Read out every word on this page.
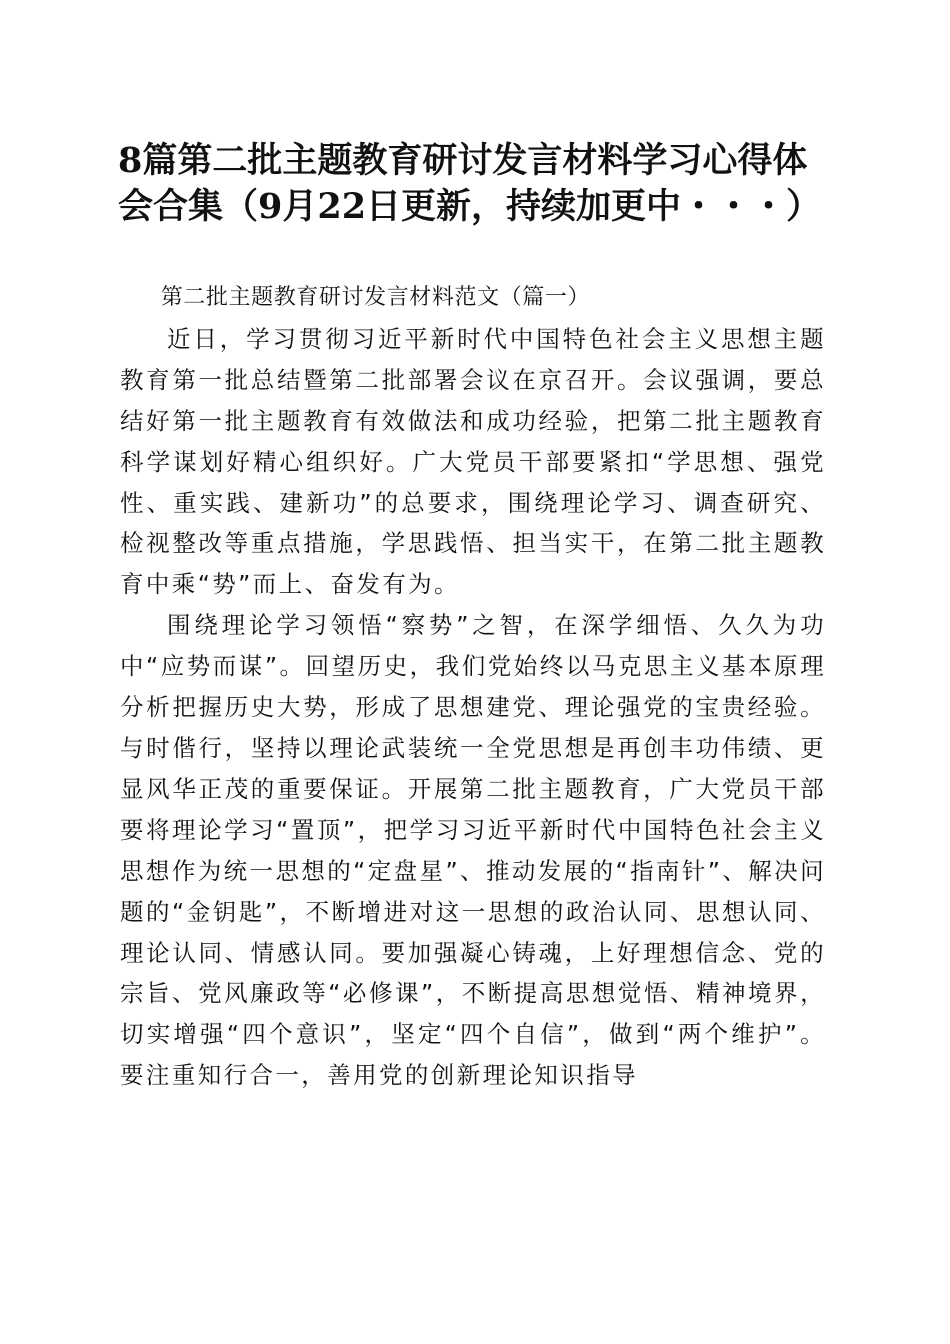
8篇第二批主题教育研讨发言材料学习心得体
会合集（9月22日更新，持续加更中・・・）

第二批主题教育研讨发言材料范文（篇一）

近日，学习贯彻习近平新时代中国特色社会主义思想主题教育第一批总结暨第二批部署会议在京召开。会议强调，要总结好第一批主题教育有效做法和成功经验，把第二批主题教育科学谋划好精心组织好。广大党员干部要紧扣“学思想、强党性、重实践、建新功”的总要求，围绕理论学习、调查研究、检视整改等重点措施，学思践悟、担当实干，在第二批主题教育中乘“势”而上、奋发有为。

围绕理论学习领悟“察势”之智，在深学细悟、久久为功中“应势而谋”。回望历史，我们党始终以马克思主义基本原理分析把握历史大势，形成了思想建党、理论强党的宝贵经验。与时偕行，坚持以理论武装统一全党思想是再创丰功伟绩、更显风华正茂的重要保证。开展第二批主题教育，广大党员干部要将理论学习“置顶”，把学习习近平新时代中国特色社会主义思想作为统一思想的“定盘星”、推动发展的“指南针”、解决问题的“金钥匙”，不断增进对这一思想的政治认同、思想认同、理论认同、情感认同。要加强凝心铸魂，上好理想信念、党的宗旨、党风廉政等“必修课”，不断提高思想觉悟、精神境界，切实增强“四个意识”，坚定“四个自信”，做到“两个维护”。要注重知行合一，善用党的创新理论知识指导
